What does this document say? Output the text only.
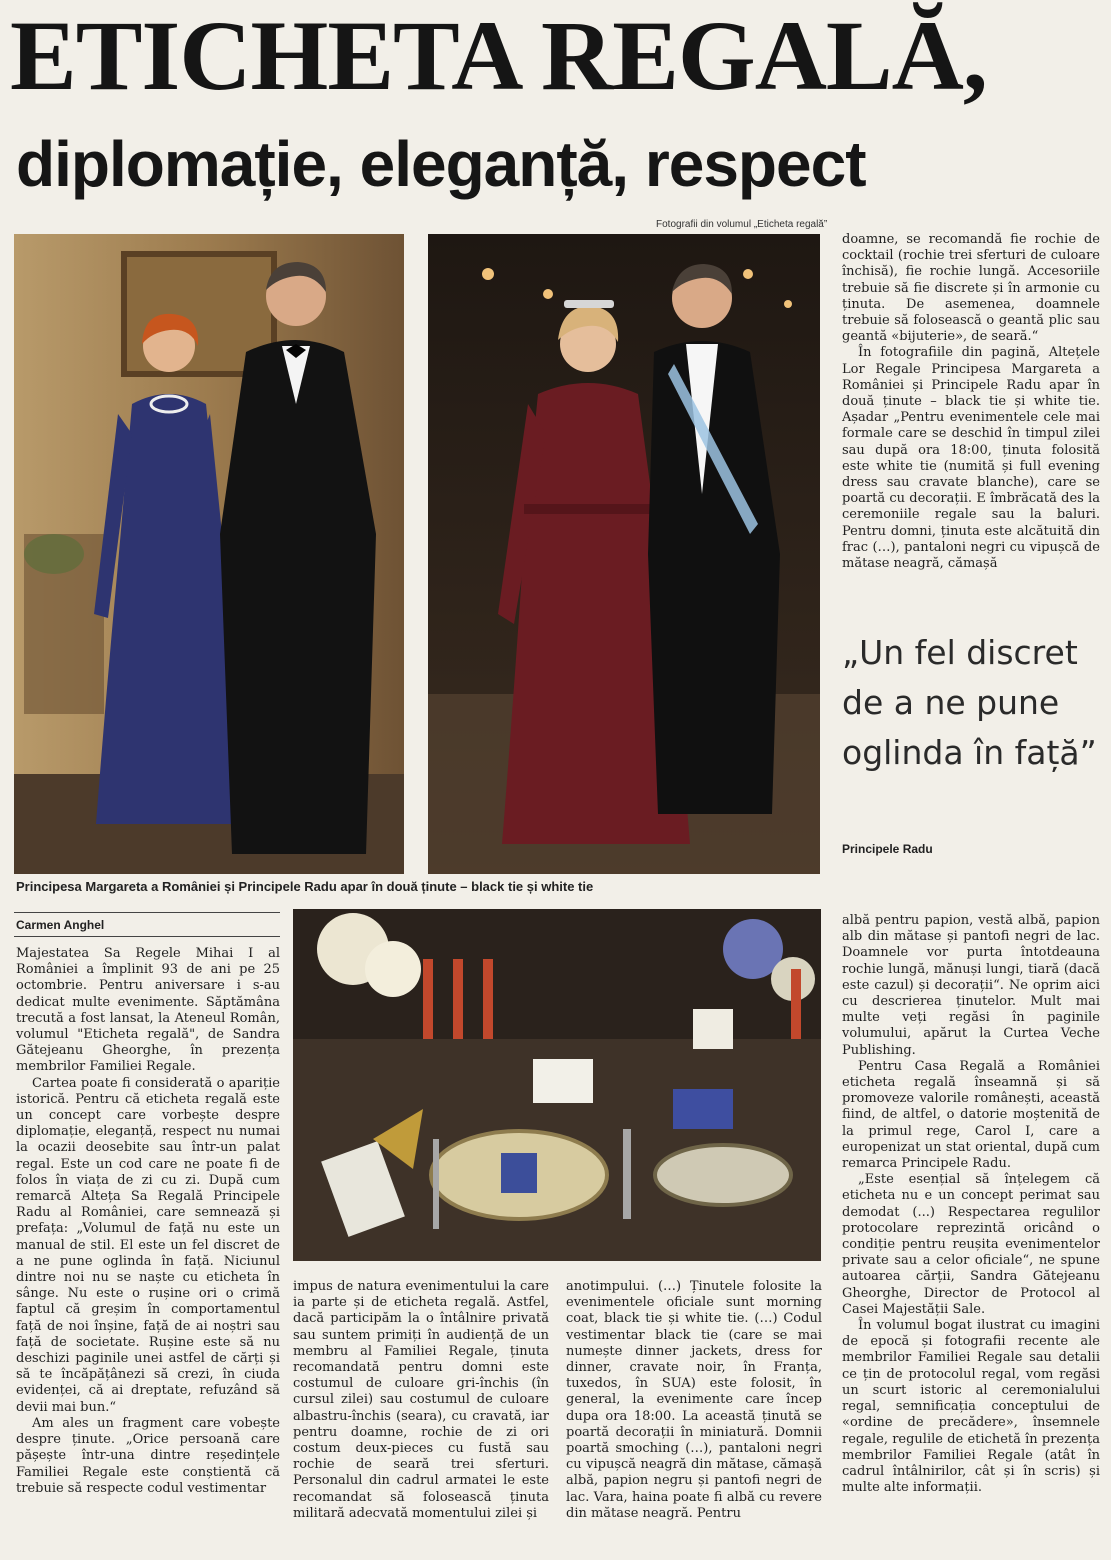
ETICHETA REGALĂ,
diplomație, eleganță, respect
Fotografii din volumul „Eticheta regală”
Principesa Margareta a României și Principele Radu apar în două ținute – black tie și white tie
„Un fel discret de a ne pune oglinda în față”
Principele Radu
Carmen Anghel

Majestatea Sa Regele Mihai I al României a împlinit 93 de ani pe 25 octombrie. Pentru aniversare i s-au dedicat multe evenimente. Săptămâna trecută a fost lansat, la Ateneul Român, volumul "Eticheta regală", de Sandra Gătejeanu Gheorghe, în prezența membrilor Familiei Regale.

Cartea poate fi considerată o apariție istorică. Pentru că eticheta regală este un concept care vorbește despre diplomație, eleganță, respect nu numai la ocazii deosebite sau într-un palat regal. Este un cod care ne poate fi de folos în viața de zi cu zi. După cum remarcă Alteța Sa Regală Principele Radu al României, care semnează și prefața: „Volumul de față nu este un manual de stil. El este un fel discret de a ne pune oglinda în față. Niciunul dintre noi nu se naște cu eticheta în sânge. Nu este o rușine ori o crimă faptul că greșim în comportamentul față de noi înșine, față de ai noștri sau față de societate. Rușine este să nu deschizi paginile unei astfel de cărți și să te încăpățânezi să crezi, în ciuda evidenței, că ai dreptate, refuzând să devii mai bun.“

Am ales un fragment care vobește despre ținute. „Orice persoană care pășește într-una dintre reședințele Familiei Regale este conștientă că trebuie să respecte codul vestimentar

impus de natura evenimentului la care ia parte și de eticheta regală. Astfel, dacă participăm la o întâlnire privată sau suntem primiți în audiență de un membru al Familiei Regale, ținuta recomandată pentru domni este costumul de culoare gri-închis (în cursul zilei) sau costumul de culoare albastru-închis (seara), cu cravată, iar pentru doamne, rochie de zi ori costum deux-pieces cu fustă sau rochie de seară trei sferturi. Personalul din cadrul armatei le este recomandat să folosească ținuta militară adecvată momentului zilei și

anotimpului. (…) Ținutele folosite la evenimentele oficiale sunt morning coat, black tie și white tie. (…) Codul vestimentar black tie (care se mai numește dinner jackets, dress for dinner, cravate noir, în Franța, tuxedos, în SUA) este folosit, în general, la evenimente care încep dupa ora 18:00. La această ținută se poartă decorații în miniatură. Domnii poartă smoching (…), pantaloni negri cu vipușcă neagră din mătase, cămașă albă, papion negru și pantofi negri de lac. Vara, haina poate fi albă cu revere din mătase neagră. Pentru

doamne, se recomandă fie rochie de cocktail (rochie trei sferturi de culoare închisă), fie rochie lungă. Accesoriile trebuie să fie discrete și în armonie cu ținuta. De asemenea, doamnele trebuie să folosească o geantă plic sau geantă «bijuterie», de seară.“

În fotografiile din pagină, Altețele Lor Regale Principesa Margareta a României și Principele Radu apar în două ținute – black tie și white tie. Așadar „Pentru evenimentele cele mai formale care se deschid în timpul zilei sau după ora 18:00, ținuta folosită este white tie (numită și full evening dress sau cravate blanche), care se poartă cu decorații. E îmbrăcată des la ceremoniile regale sau la baluri. Pentru domni, ținuta este alcătuită din frac (…), pantaloni negri cu vipușcă de mătase neagră, cămașă

albă pentru papion, vestă albă, papion alb din mătase și pantofi negri de lac. Doamnele vor purta întotdeauna rochie lungă, mănuși lungi, tiară (dacă este cazul) și decorații“. Ne oprim aici cu descrierea ținutelor. Mult mai multe veți regăsi în paginile volumului, apărut la Curtea Veche Publishing.

Pentru Casa Regală a României eticheta regală înseamnă și să promoveze valorile românești, această fiind, de altfel, o datorie moștenită de la primul rege, Carol I, care a europenizat un stat oriental, după cum remarca Principele Radu.

„Este esențial să înțelegem că eticheta nu e un concept perimat sau demodat (...) Respectarea regulilor protocolare reprezintă oricând o condiție pentru reușita evenimentelor private sau a celor oficiale“, ne spune autoarea cărții, Sandra Gătejeanu Gheorghe, Director de Protocol al Casei Majestății Sale.

În volumul bogat ilustrat cu imagini de epocă și fotografii recente ale membrilor Familiei Regale sau detalii ce țin de protocolul regal, vom regăsi un scurt istoric al ceremonialului regal, semnificația conceptului de «ordine de precădere», însemnele regale, regulile de etichetă în prezența membrilor Familiei Regale (atât în cadrul întâlnirilor, cât și în scris) și multe alte informații.
